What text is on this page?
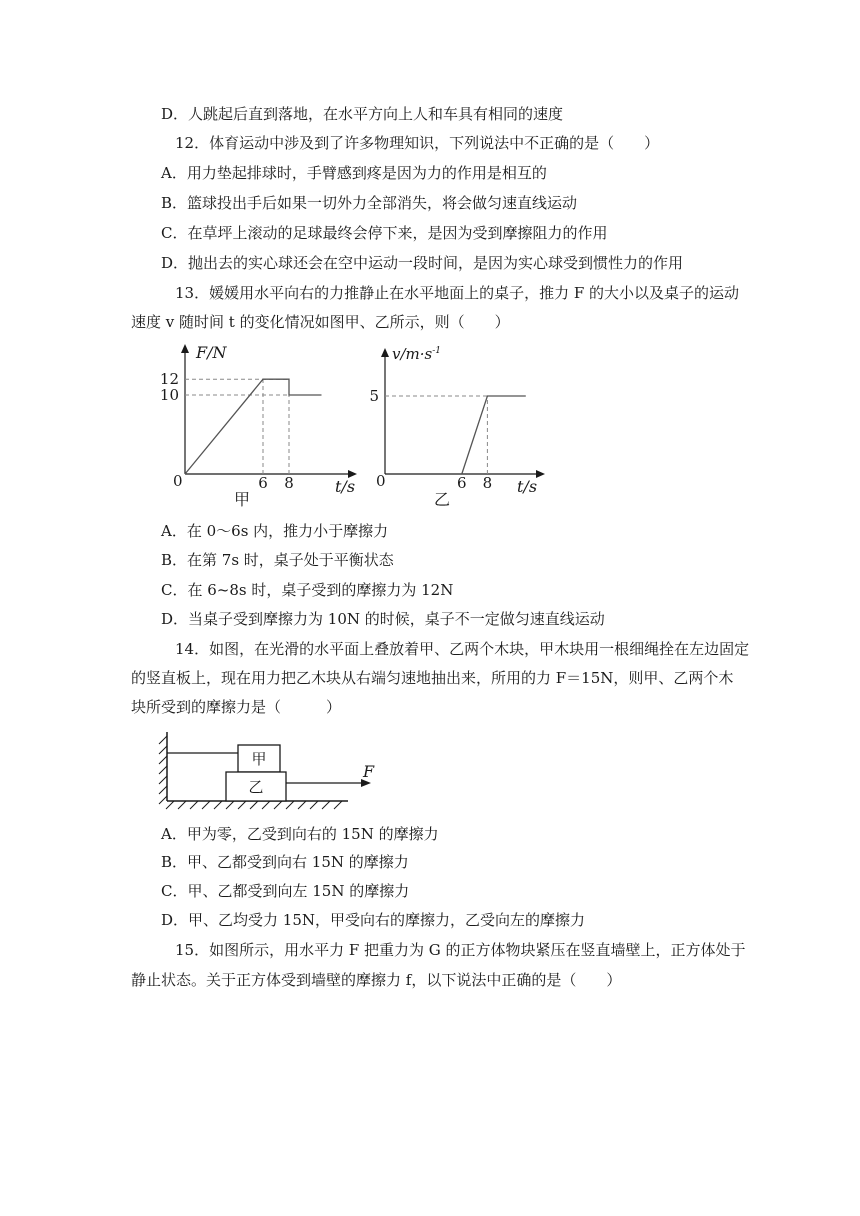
D．人跳起后直到落地，在水平方向上人和车具有相同的速度
12．体育运动中涉及到了许多物理知识，下列说法中不正确的是（　　）
A．用力垫起排球时，手臂感到疼是因为力的作用是相互的
B．篮球投出手后如果一切外力全部消失，将会做匀速直线运动
C．在草坪上滚动的足球最终会停下来，是因为受到摩擦阻力的作用
D．抛出去的实心球还会在空中运动一段时间，是因为实心球受到惯性力的作用
13．媛媛用水平向右的力推静止在水平地面上的桌子，推力 F 的大小以及桌子的运动
速度 v 随时间 t 的变化情况如图甲、乙所示，则（　　）
F/N
t/s
0
甲
12
10
6 8
$v/m\cdot s^{-1}$
t/s
0
乙
5
6 8
A．在 0～6s 内，推力小于摩擦力
B．在第 7s 时，桌子处于平衡状态
C．在 6~8s 时，桌子受到的摩擦力为 12N
D．当桌子受到摩擦力为 10N 的时候，桌子不一定做匀速直线运动
14．如图，在光滑的水平面上叠放着甲、乙两个木块，甲木块用一根细绳拴在左边固定
的竖直板上，现在用力把乙木块从右端匀速地抽出来，所用的力 F＝15N，则甲、乙两个木
块所受到的摩擦力是（　　　）
甲
乙
F
A．甲为零，乙受到向右的 15N 的摩擦力
B．甲、乙都受到向右 15N 的摩擦力
C．甲、乙都受到向左 15N 的摩擦力
D．甲、乙均受力 15N，甲受向右的摩擦力，乙受向左的摩擦力
15．如图所示，用水平力 F 把重力为 G 的正方体物块紧压在竖直墙壁上，正方体处于
静止状态。关于正方体受到墙壁的摩擦力 f，以下说法中正确的是（　　）
